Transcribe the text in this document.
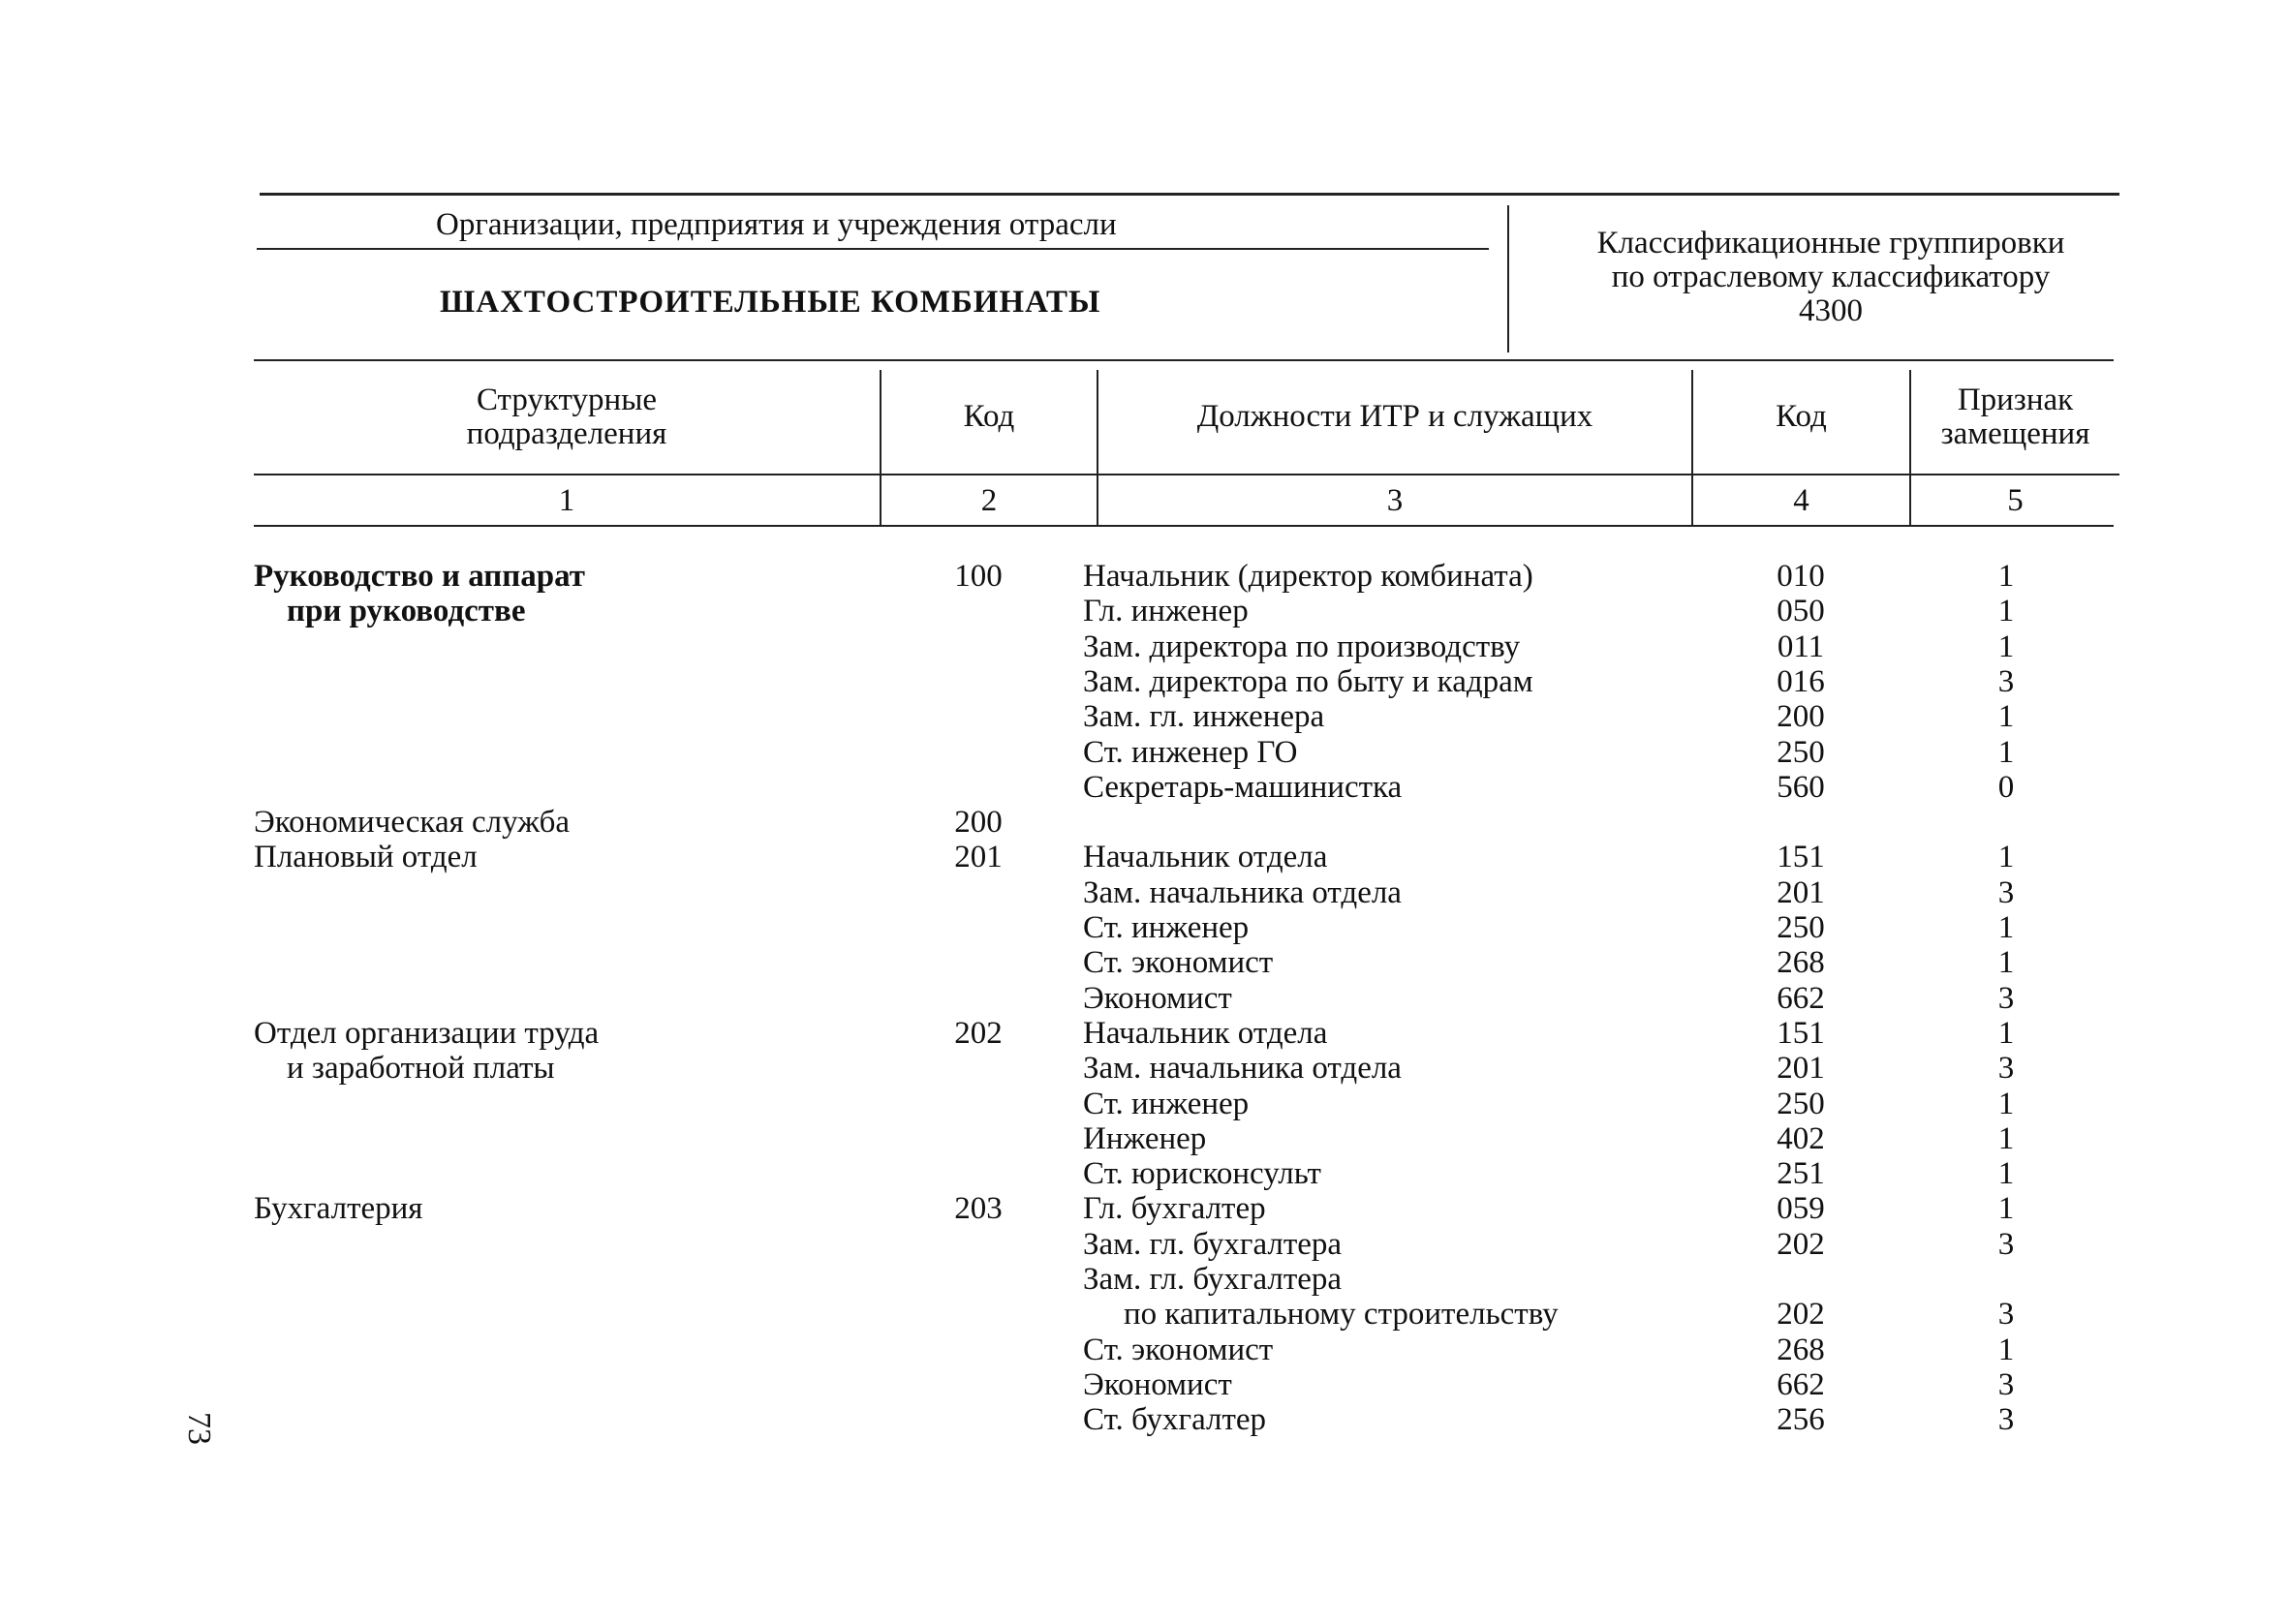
Организации, предприятия и учреждения отрасли
ШАХТОСТРОИТЕЛЬНЫЕ КОМБИНАТЫ
Классификационные группировки
по отраслевому классификатору
4300
Структурные
подразделения	Код	Должности ИТР и служащих	Код	Признак
замещения
1	2	3	4	5
Руководство и аппарат	100	Начальник (директор комбината)	010	1
при руководстве	Гл. инженер	050	1
Зам. директора по производству	011	1
Зам. директора по быту и кадрам	016	3
Зам. гл. инженера	200	1
Ст. инженер ГО	250	1
Секретарь-машинистка	560	0
Экономическая служба	200
Плановый отдел	201	Начальник отдела	151	1
Зам. начальника отдела	201	3
Ст. инженер	250	1
Ст. экономист	268	1
Экономист	662	3
Отдел организации труда	202	Начальник отдела	151	1
и заработной платы	Зам. начальника отдела	201	3
Ст. инженер	250	1
Инженер	402	1
Ст. юрисконсульт	251	1
Бухгалтерия	203	Гл. бухгалтер	059	1
Зам. гл. бухгалтера	202	3
Зам. гл. бухгалтера
по капитальному строительству	202	3
Ст. экономист	268	1
Экономист	662	3
Ст. бухгалтер	256	3
73
